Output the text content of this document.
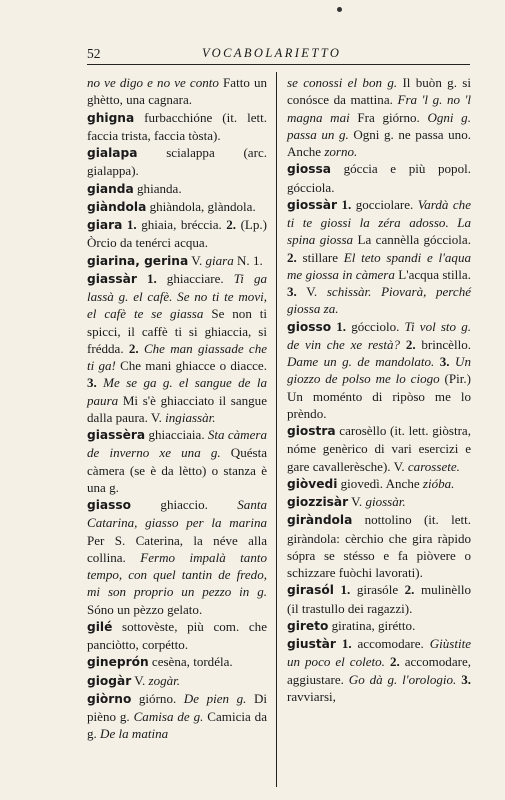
52	VOCABOLARIETTO

no ve digo e no ve conto Fatto un ghètto, una cagnara.

ghigna furbacchióne (it. lett. faccia trista, faccia tòsta).

gialapa scialappa (arc. gialappa).

gianda ghianda.

giàndola ghiàndola, glàndola.

giara 1. ghiaia, bréccia. 2. (Lp.) Òrcio da tenérci acqua.

giarina, gerina V. giara N. 1.

giassàr 1. ghiacciare. Ti ga lassà g. el cafè. Se no ti te movi, el cafè te se giassa Se non ti spicci, il caffè ti si ghiaccia, si frédda. 2. Che man giassade che ti ga! Che mani ghiacce o diacce. 3. Me se ga g. el sangue de la paura Mi s'è ghiacciato il sangue dalla paura. V. ingiassàr.

giassèra ghiacciaia. Sta càmera de inverno xe una g. Quésta càmera (se è da lètto) o stanza è una g.

giasso ghiaccio. Santa Catarina, giasso per la marina Per S. Caterina, la néve alla collina. Fermo impalà tanto tempo, con quel tantin de fredo, mi son proprio un pezzo in g. Sóno un pèzzo gelato.

gilé sottovèste, più com. che panciòtto, corpétto.

gineprón cesèna, tordéla.

giogàr V. zogàr.

giòrno giórno. De pien g. Di pièno g. Camisa de g. Camicia da g. De la matina

se conossi el bon g. Il buòn g. si conósce da mattina. Fra 'l g. no 'l magna mai Fra giórno. Ogni g. passa un g. Ogni g. ne passa uno. Anche zorno.

giossa góccia e più popol. gócciola.

giossàr 1. gocciolare. Vardà che ti te giossi la zéra adosso. La spina giossa La cannèlla gócciola. 2. stillare El teto spandi e l'aqua me giossa in càmera L'acqua stilla. 3. V. schissàr. Piovarà, perché giossa za.

giosso 1. gócciolo. Ti vol sto g. de vin che xe restà? 2. brincèllo. Dame un g. de mandolato. 3. Un giozzo de polso me lo ciogo (Pir.) Un moménto di ripòso me lo prèndo.

giostra carosèllo (it. lett. giòstra, nóme genèrico di vari esercizi e gare cavallerèsche). V. carossete.

giòvedi giovedì. Anche zióba.

giozzisàr V. giossàr.

giràndola nottolino (it. lett. giràndola: cèrchio che gira ràpido sópra se stésso e fa piòvere o schizzare fuòchi lavorati).

girasól 1. girasóle 2. mulinèllo (il trastullo dei ragazzi).

gireto giratina, girétto.

giustàr 1. accomodare. Giùstite un poco el coleto. 2. accomodare, aggiustare. Go dà g. l'orologio. 3. ravviarsi,
